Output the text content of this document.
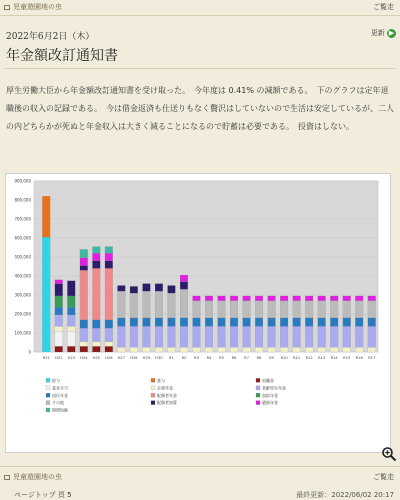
児童遊園地の虫	ご覧走
2022年6月2日（木）	更新 ▶
年金額改訂通知書

厚生労働大臣から年金額改訂通知書を受け取った。　今年度は 0.41% の減額である。　下のグラフは定年退職後の収入の記録である。　今は借金返済も仕送りもなく贅沢はしていないので生活は安定しているが、二人の内どちらかが死ぬと年金収入は大きく減ることになるので貯蓄は必要である。　投資はしない。

0
100,000
200,000
300,000
400,000
500,000
600,000
700,000
800,000
900,000
H21 H22 H23 H24 H25 H26 H27 H28 H29 H30 R1 R2 R3 R4 R5 R6 R7 R8 R9 R10 R11 R12 R13 R14 R15 R16 R17
給与	賞与	退職金
基本手当	企業年金	老齢厚生年金
国民年金	配偶者年金	加給年金
その他	配偶者加算	遺族年金
期間短縮
児童遊園地の虫	ご覧走
ページトップ 頁 5	最終更新：2022/06/02 20:17
